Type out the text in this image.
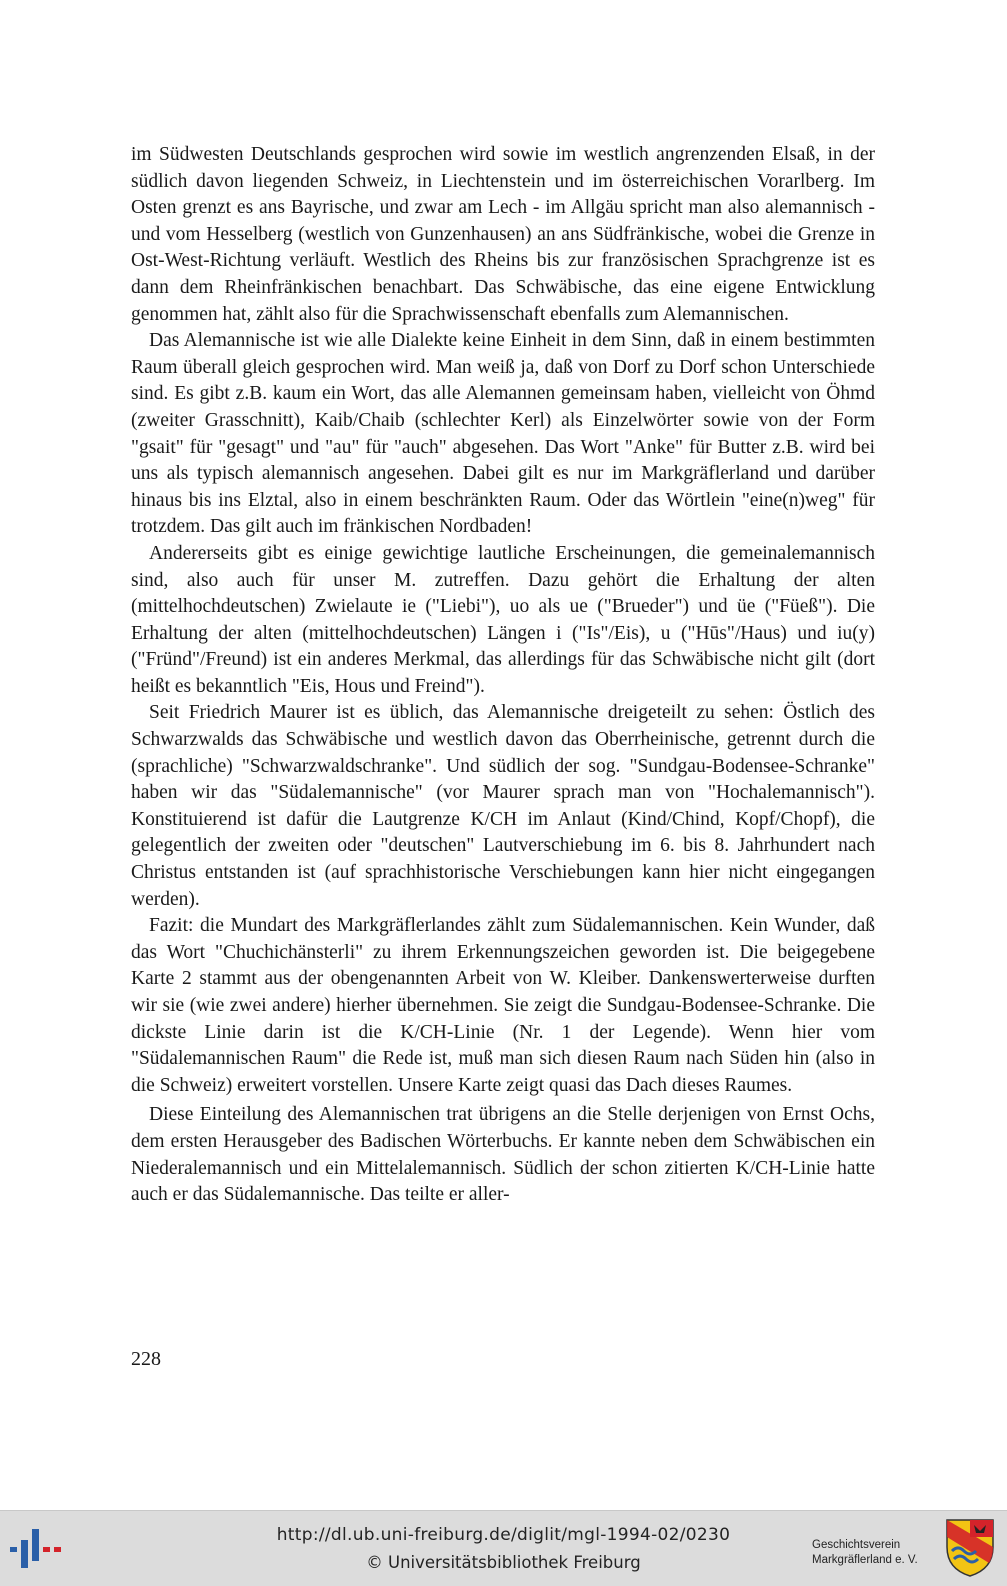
im Südwesten Deutschlands gesprochen wird sowie im westlich angrenzenden Elsaß, in der südlich davon liegenden Schweiz, in Liechtenstein und im österreichischen Vorarlberg. Im Osten grenzt es ans Bayrische, und zwar am Lech - im Allgäu spricht man also alemannisch - und vom Hesselberg (westlich von Gunzenhausen) an ans Südfränkische, wobei die Grenze in Ost-West-Richtung verläuft. Westlich des Rheins bis zur französischen Sprachgrenze ist es dann dem Rheinfränkischen benachbart. Das Schwäbische, das eine eigene Entwicklung genommen hat, zählt also für die Sprachwissenschaft ebenfalls zum Alemannischen.

Das Alemannische ist wie alle Dialekte keine Einheit in dem Sinn, daß in einem bestimmten Raum überall gleich gesprochen wird. Man weiß ja, daß von Dorf zu Dorf schon Unterschiede sind. Es gibt z.B. kaum ein Wort, das alle Alemannen gemeinsam haben, vielleicht von Öhmd (zweiter Grasschnitt), Kaib/Chaib (schlechter Kerl) als Einzelwörter sowie von der Form "gsait" für "gesagt" und "au" für "auch" abgesehen. Das Wort "Anke" für Butter z.B. wird bei uns als typisch alemannisch angesehen. Dabei gilt es nur im Markgräflerland und darüber hinaus bis ins Elztal, also in einem beschränkten Raum. Oder das Wörtlein "eine(n)weg" für trotzdem. Das gilt auch im fränkischen Nordbaden!

Andererseits gibt es einige gewichtige lautliche Erscheinungen, die gemeinalemannisch sind, also auch für unser M. zutreffen. Dazu gehört die Erhaltung der alten (mittelhochdeutschen) Zwielaute ie ("Liebi"), uo als ue ("Brueder") und üe ("Füeß"). Die Erhaltung der alten (mittelhochdeutschen) Längen i ("Is"/Eis), u ("Hūs"/Haus) und iu(y) ("Fründ"/Freund) ist ein anderes Merkmal, das allerdings für das Schwäbische nicht gilt (dort heißt es bekanntlich "Eis, Hous und Freind").

Seit Friedrich Maurer ist es üblich, das Alemannische dreigeteilt zu sehen: Östlich des Schwarzwalds das Schwäbische und westlich davon das Oberrheinische, getrennt durch die (sprachliche) "Schwarzwaldschranke". Und südlich der sog. "Sundgau-Bodensee-Schranke" haben wir das "Südalemannische" (vor Maurer sprach man von "Hochalemannisch"). Konstituierend ist dafür die Lautgrenze K/CH im Anlaut (Kind/Chind, Kopf/Chopf), die gelegentlich der zweiten oder "deutschen" Lautverschiebung im 6. bis 8. Jahrhundert nach Christus entstanden ist (auf sprachhistorische Verschiebungen kann hier nicht eingegangen werden).

Fazit: die Mundart des Markgräflerlandes zählt zum Südalemannischen. Kein Wunder, daß das Wort "Chuchichänsterli" zu ihrem Erkennungszeichen geworden ist. Die beigegebene Karte 2 stammt aus der obengenannten Arbeit von W. Kleiber. Dankenswerterweise durften wir sie (wie zwei andere) hierher übernehmen. Sie zeigt die Sundgau-Bodensee-Schranke. Die dickste Linie darin ist die K/CH-Linie (Nr. 1 der Legende). Wenn hier vom "Südalemannischen Raum" die Rede ist, muß man sich diesen Raum nach Süden hin (also in die Schweiz) erweitert vorstellen. Unsere Karte zeigt quasi das Dach dieses Raumes.

Diese Einteilung des Alemannischen trat übrigens an die Stelle derjenigen von Ernst Ochs, dem ersten Herausgeber des Badischen Wörterbuchs. Er kannte neben dem Schwäbischen ein Niederalemannisch und ein Mittelalemannisch. Südlich der schon zitierten K/CH-Linie hatte auch er das Südalemannische. Das teilte er aller-

228
http://dl.ub.uni-freiburg.de/diglit/mgl-1994-02/0230
© Universitätsbibliothek Freiburg
Geschichtsverein
Markgräflerland e. V.
